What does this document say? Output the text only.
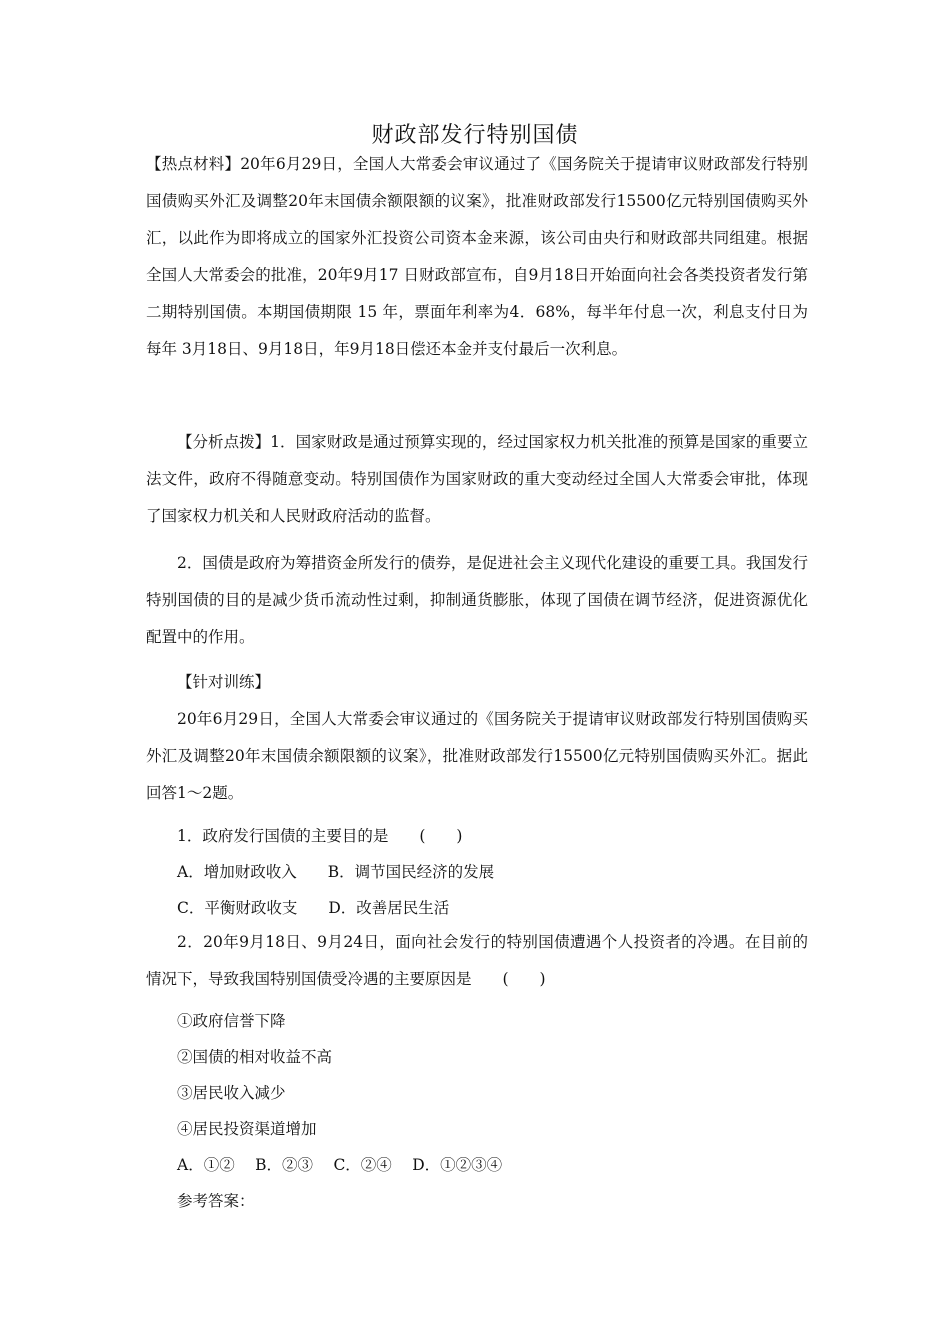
财政部发行特别国债

【热点材料】20年6月29日，全国人大常委会审议通过了《国务院关于提请审议财政部发行特别国债购买外汇及调整20年末国债余额限额的议案》，批准财政部发行15500亿元特别国债购买外汇，以此作为即将成立的国家外汇投资公司资本金来源，该公司由央行和财政部共同组建。根据全国人大常委会的批准，20年9月17 日财政部宣布，自9月18日开始面向社会各类投资者发行第二期特别国债。本期国债期限 15 年，票面年利率为4．68%，每半年付息一次，利息支付日为每年 3月18日、9月18日，年9月18日偿还本金并支付最后一次利息。

【分析点拨】1．国家财政是通过预算实现的，经过国家权力机关批准的预算是国家的重要立法文件，政府不得随意变动。特别国债作为国家财政的重大变动经过全国人大常委会审批，体现了国家权力机关和人民财政府活动的监督。

2．国债是政府为筹措资金所发行的债券，是促进社会主义现代化建设的重要工具。我国发行特别国债的目的是减少货币流动性过剩，抑制通货膨胀，体现了国债在调节经济，促进资源优化配置中的作用。

【针对训练】

20年6月29日，全国人大常委会审议通过的《国务院关于提请审议财政部发行特别国债购买外汇及调整20年末国债余额限额的议案》，批准财政部发行15500亿元特别国债购买外汇。据此回答1～2题。

1．政府发行国债的主要目的是　　(　　)
A．增加财政收入　　B．调节国民经济的发展
C．平衡财政收支　　D．改善居民生活

2．20年9月18日、9月24日，面向社会发行的特别国债遭遇个人投资者的冷遇。在目前的情况下，导致我国特别国债受冷遇的主要原因是　　(　　)

①政府信誉下降
②国债的相对收益不高
③居民收入减少
④居民投资渠道增加
A．①②　 B．②③　 C．②④　 D．①②③④
参考答案：
